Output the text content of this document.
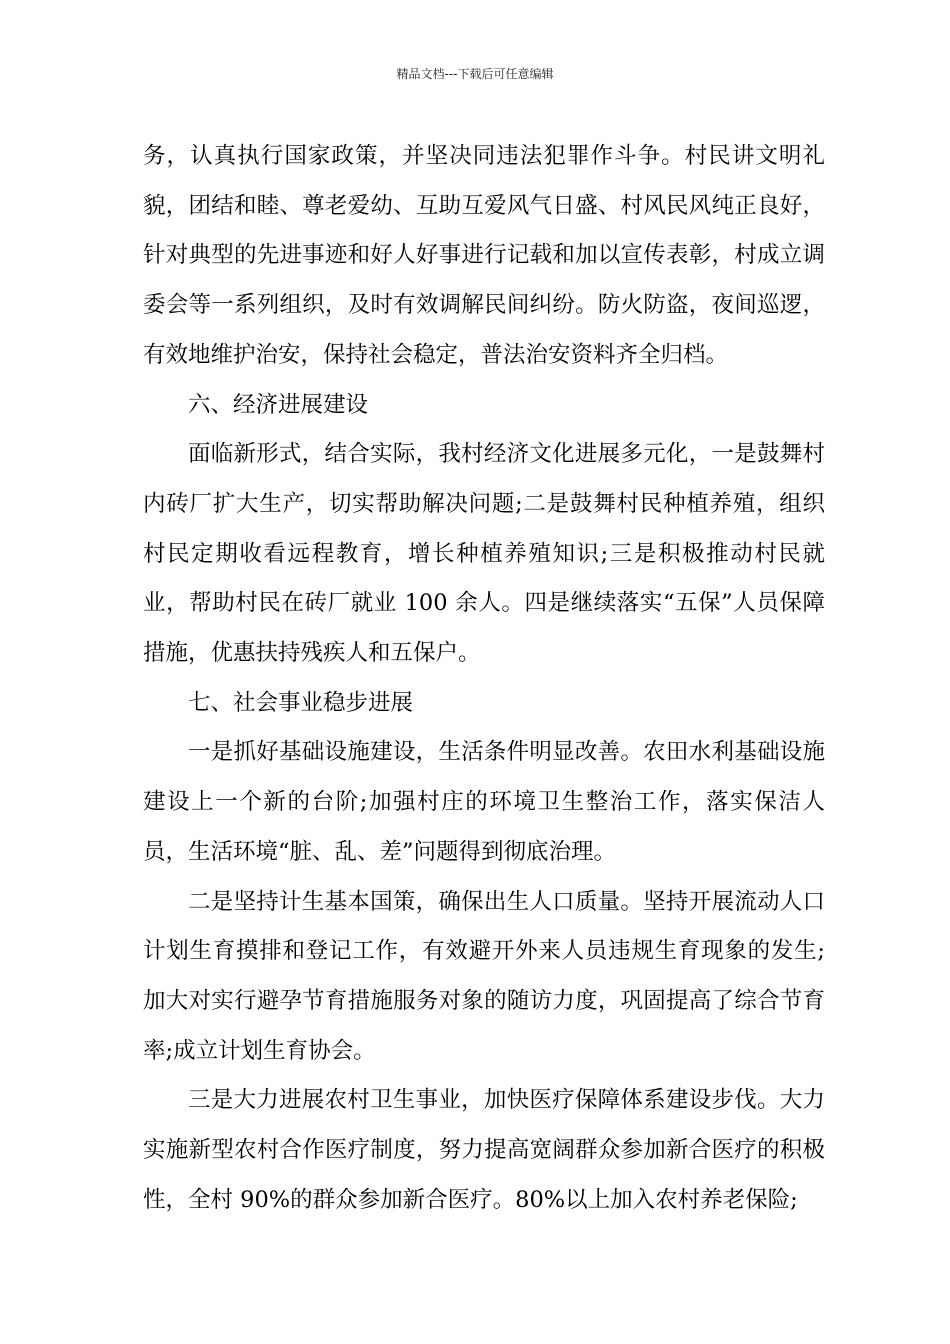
精品文档---下载后可任意编辑

务，认真执行国家政策，并坚决同违法犯罪作斗争。村民讲文明礼貌，团结和睦、尊老爱幼、互助互爱风气日盛、村风民风纯正良好，针对典型的先进事迹和好人好事进行记载和加以宣传表彰，村成立调委会等一系列组织，及时有效调解民间纠纷。防火防盗，夜间巡逻，有效地维护治安，保持社会稳定，普法治安资料齐全归档。

六、经济进展建设

面临新形式，结合实际，我村经济文化进展多元化，一是鼓舞村内砖厂扩大生产，切实帮助解决问题;二是鼓舞村民种植养殖，组织村民定期收看远程教育，增长种植养殖知识;三是积极推动村民就业，帮助村民在砖厂就业 100 余人。四是继续落实“五保”人员保障措施，优惠扶持残疾人和五保户。

七、社会事业稳步进展

一是抓好基础设施建设，生活条件明显改善。农田水利基础设施建设上一个新的台阶;加强村庄的环境卫生整治工作，落实保洁人员，生活环境“脏、乱、差”问题得到彻底治理。

二是坚持计生基本国策，确保出生人口质量。坚持开展流动人口计划生育摸排和登记工作，有效避开外来人员违规生育现象的发生;加大对实行避孕节育措施服务对象的随访力度，巩固提高了综合节育率;成立计划生育协会。

三是大力进展农村卫生事业，加快医疗保障体系建设步伐。大力实施新型农村合作医疗制度，努力提高宽阔群众参加新合医疗的积极性，全村 90%的群众参加新合医疗。80%以上加入农村养老保险;
